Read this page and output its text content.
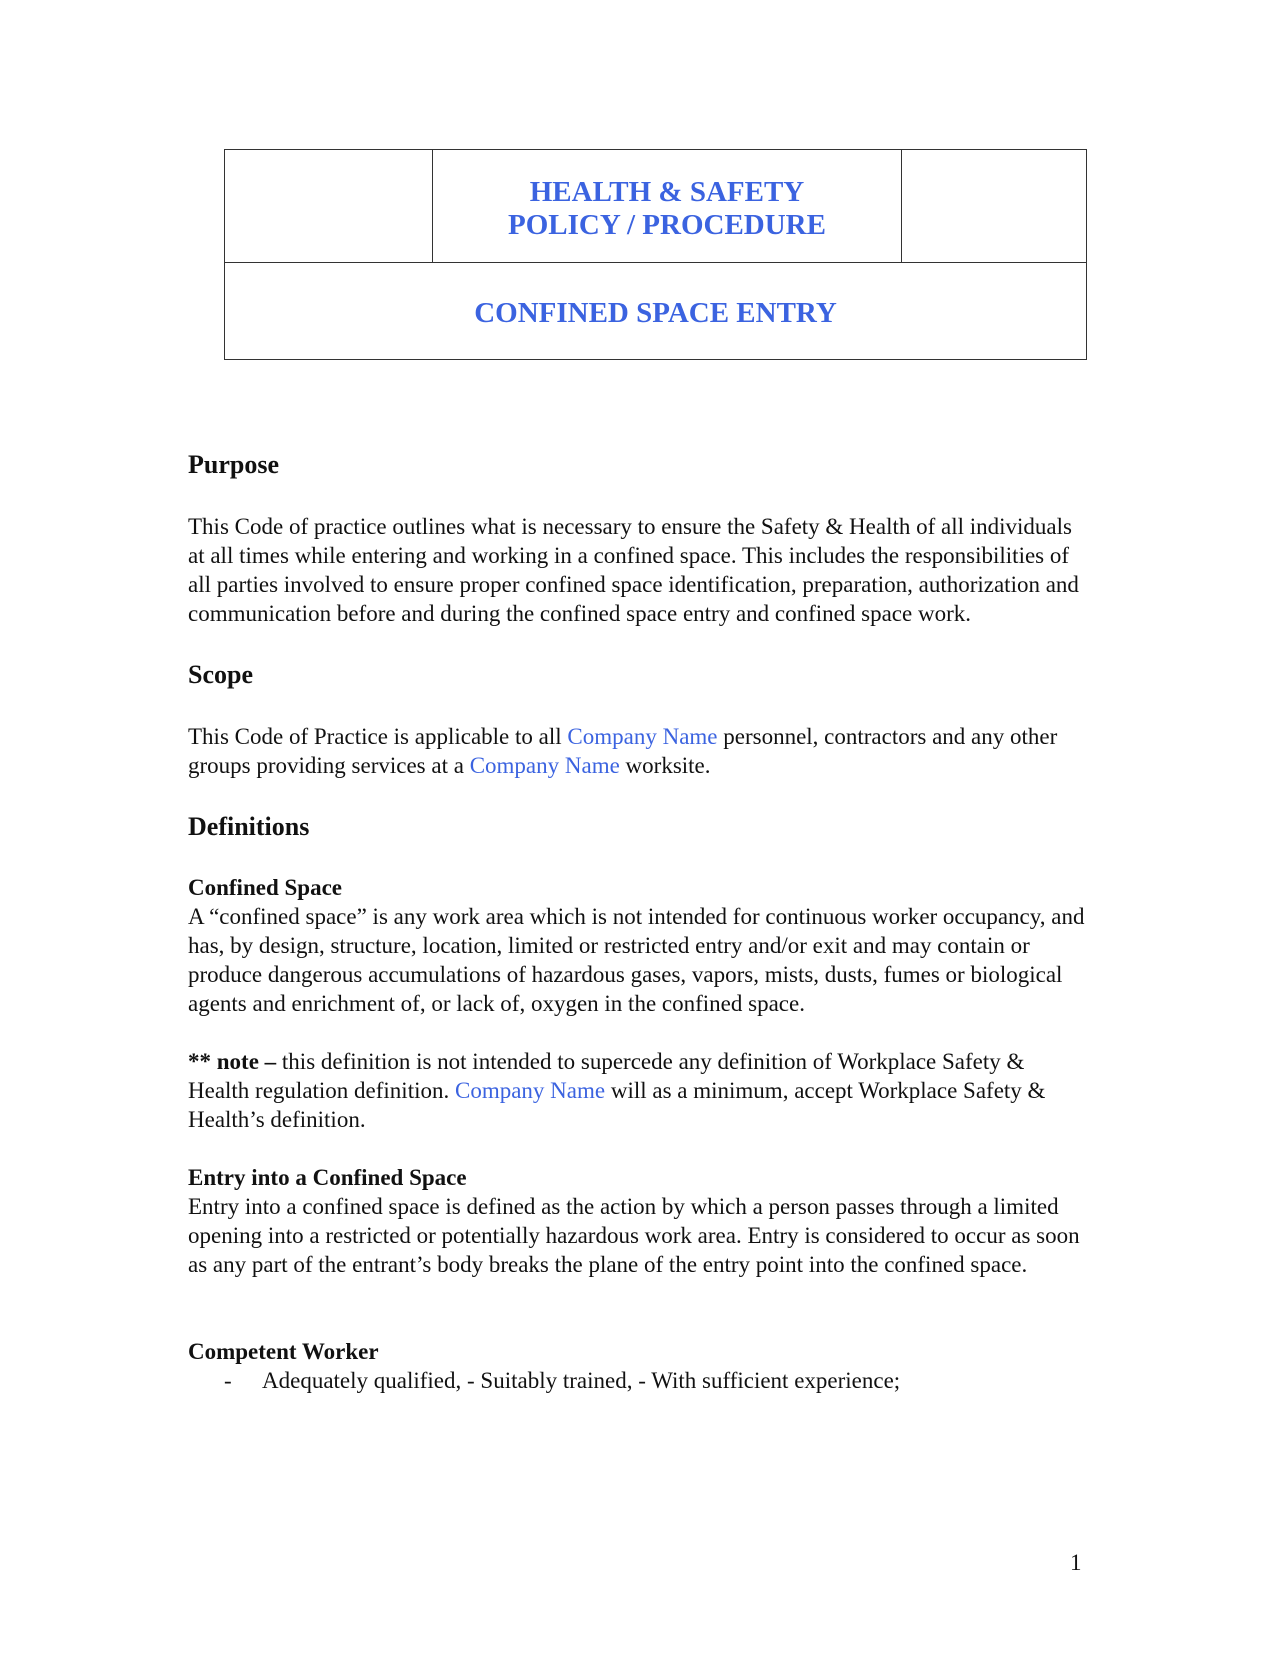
HEALTH & SAFETY
POLICY / PROCEDURE
CONFINED SPACE ENTRY
Purpose

This Code of practice outlines what is necessary to ensure the Safety & Health of all individuals at all times while entering and working in a confined space. This includes the responsibilities of all parties involved to ensure proper confined space identification, preparation, authorization and communication before and during the confined space entry and confined space work.

Scope

This Code of Practice is applicable to all Company Name personnel, contractors and any other groups providing services at a Company Name worksite.

Definitions
Confined Space

A “confined space” is any work area which is not intended for continuous worker occupancy, and has, by design, structure, location, limited or restricted entry and/or exit and may contain or produce dangerous accumulations of hazardous gases, vapors, mists, dusts, fumes or biological agents and enrichment of, or lack of, oxygen in the confined space.

** note – this definition is not intended to supercede any definition of Workplace Safety & Health regulation definition. Company Name will as a minimum, accept Workplace Safety & Health’s definition.

Entry into a Confined Space

Entry into a confined space is defined as the action by which a person passes through a limited opening into a restricted or potentially hazardous work area. Entry is considered to occur as soon as any part of the entrant’s body breaks the plane of the entry point into the confined space.

Competent Worker
-	Adequately qualified, - Suitably trained, - With sufficient experience;
1
